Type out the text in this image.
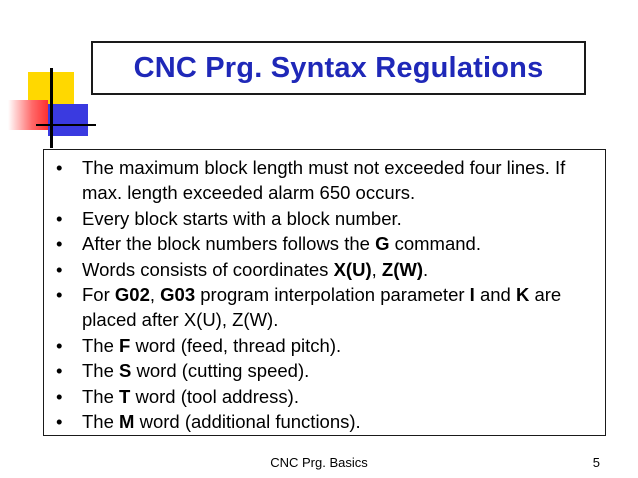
CNC Prg. Syntax Regulations
• The maximum block length must not exceeded four lines. If max. length exceeded alarm 650 occurs.
• Every block starts with a block number.
• After the block numbers follows the G command.
• Words consists of coordinates X(U), Z(W).
• For G02, G03 program interpolation parameter I and K are placed after X(U), Z(W).
• The F word (feed, thread pitch).
• The S word (cutting speed).
• The T word (tool address).
• The M word (additional functions).
CNC Prg. Basics	5
